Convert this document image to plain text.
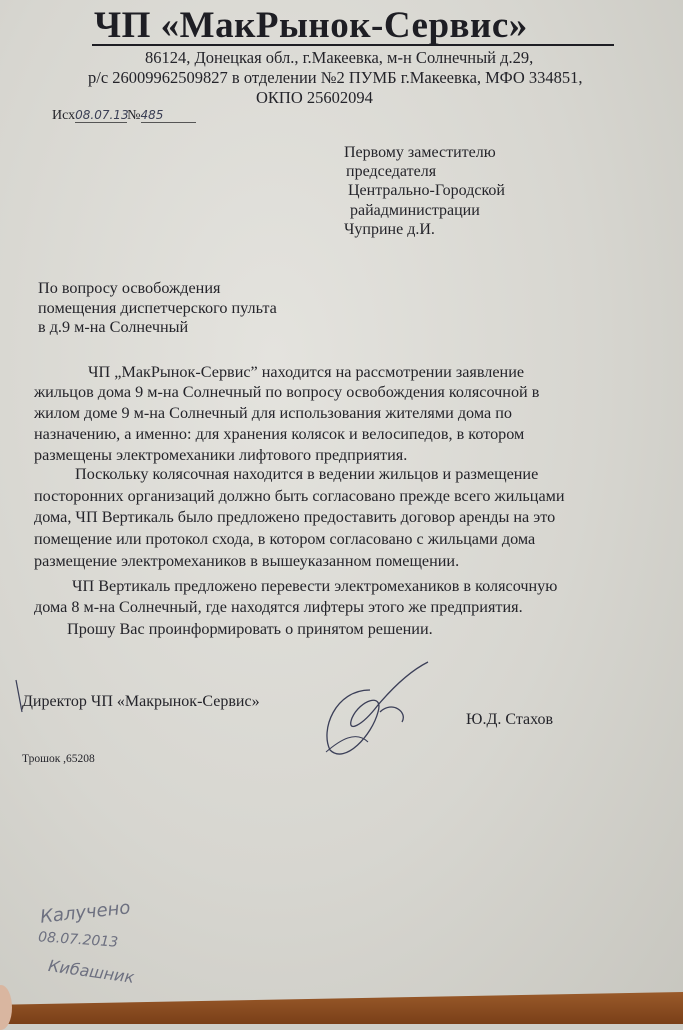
ЧП «МакРынок-Сервис»
86124, Донецкая обл., г.Макеевка, м-н Солнечный д.29,
р/с 26009962509827 в отделении №2 ПУМБ г.Макеевка, МФО 334851,
ОКПО 25602094
Исх08.07.13№485
Первому заместителю
председателя
Центрально-Городской
райадминистрации
Чуприне д.И.
По вопросу освобождения
помещения диспетчерского пульта
в д.9 м-на Солнечный
ЧП „МакРынок-Сервис” находится на рассмотрении заявление
жильцов дома 9 м-на Солнечный по вопросу освобождения колясочной в
жилом доме 9 м-на Солнечный для использования жителями дома по
назначению, а именно: для хранения колясок и велосипедов, в котором
размещены электромеханики лифтового предприятия.
Поскольку колясочная находится в ведении жильцов и размещение
посторонних организаций должно быть согласовано прежде всего жильцами
дома, ЧП Вертикаль было предложено предоставить договор аренды на это
помещение или протокол схода, в котором согласовано с жильцами дома
размещение электромехаников в вышеуказанном помещении.
ЧП Вертикаль предложено перевести электромехаников в колясочную
дома 8 м-на Солнечный, где находятся лифтеры этого же предприятия.
Прошу Вас проинформировать о принятом решении.
Директор ЧП «Макрынок-Сервис»
Ю.Д. Стахов
Трошок ,65208
Калучено
08.07.2013
Кибашник
